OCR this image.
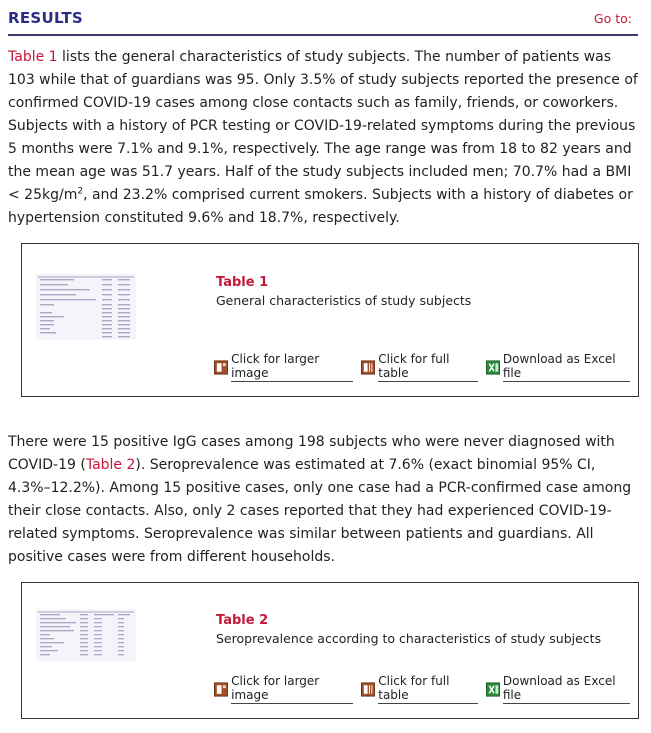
RESULTS	Go to:

Table 1 lists the general characteristics of study subjects. The number of patients was 103 while that of guardians was 95. Only 3.5% of study subjects reported the presence of confirmed COVID-19 cases among close contacts such as family, friends, or coworkers. Subjects with a history of PCR testing or COVID-19-related symptoms during the previous 5 months were 7.1% and 9.1%, respectively. The age range was from 18 to 82 years and the mean age was 51.7 years. Half of the study subjects included men; 70.7% had a BMI < $25kg/m^2$, and 23.2% comprised current smokers. Subjects with a history of diabetes or hypertension constituted 9.6% and 18.7%, respectively.

Table 1
General characteristics of study subjects
Click for larger image
Click for full table
Download as Excel file

There were 15 positive IgG cases among 198 subjects who were never diagnosed with COVID-19 (Table 2). Seroprevalence was estimated at 7.6% (exact binomial 95% CI, 4.3%–12.2%). Among 15 positive cases, only one case had a PCR-confirmed case among their close contacts. Also, only 2 cases reported that they had experienced COVID-19-related symptoms. Seroprevalence was similar between patients and guardians. All positive cases were from different households.

Table 2
Seroprevalence according to characteristics of study subjects
Click for larger image
Click for full table
Download as Excel file
